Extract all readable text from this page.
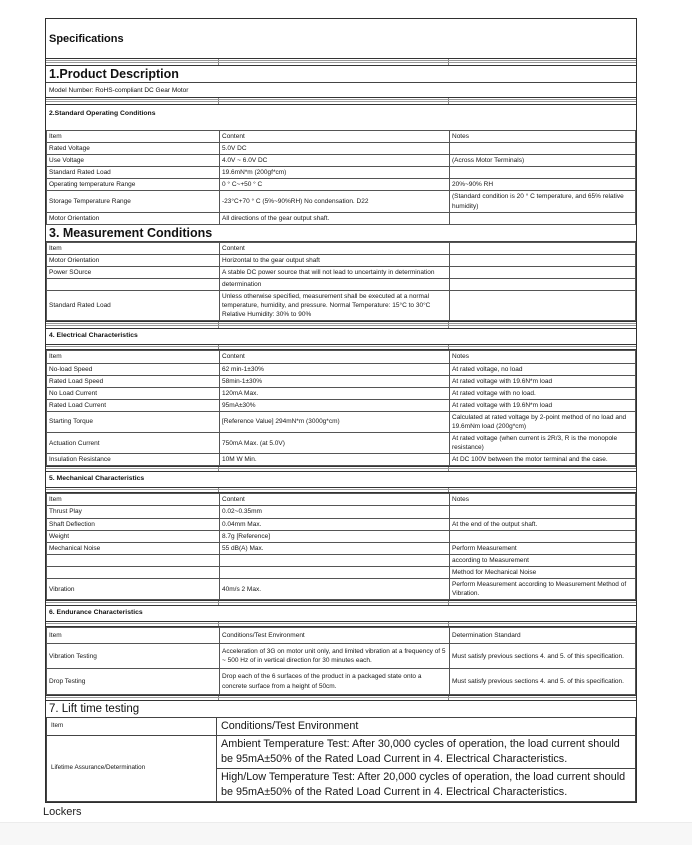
Specifications
1.Product Description
Model Number: RoHS-compliant DC Gear Motor
2.Standard Operating Conditions
Item	Content	Notes
Rated Voltage	5.0V DC	
Use Voltage	4.0V ~ 6.0V DC	(Across Motor Terminals)
Standard Rated Load	19.6mN*m (200gf*cm)	
Operating temperature Range	0 ° C~+50 ° C	20%~90% RH
Storage Temperature Range	-23°C+70 ° C (5%~90%RH) No condensation. D22	(Standard condition is 20 ° C temperature, and 65% relative humidity)
Motor Orientation	All directions of the gear output shaft.	
3. Measurement Conditions
Item	Content	
Motor Orientation	Horizontal to the gear output shaft	
Power SOurce	A stable DC power source that will not lead to uncertainty in determination	
	determination	
Standard Rated Load	Unless otherwise specified, measurement shall be executed at a normal temperature, humidity, and pressure. Normal Temperature: 15°C to 30°C Relative Humidity: 30% to 90%	
4. Electrical Characteristics
Item	Content	Notes
No-load Speed	62 min-1±30%	At rated voltage, no load
Rated Load Speed	58min-1±30%	At rated voltage with 19.6N*m load
No Load Current	120mA Max.	At rated voltage with no load.
Rated Load Current	95mA±30%	At rated voltage with 19.6N*m load
Starting Torque	[Reference Value] 294mN*m (3000g*cm)	Calculated at rated voltage by 2-point method of no load and 19.6mNm load (200g*cm)
Actuation Current	750mA Max. (at 5.0V)	At rated voltage (when current is 2R/3, R is the monopole resistance)
Insulation Resistance	10M W Min.	At DC 100V between the motor terminal and the case.
5. Mechanical Characteristics
Item	Content	Notes
Thrust Play	0.02~0.35mm	
Shaft Deflection	0.04mm Max.	At the end of the output shaft.
Weight	8.7g [Reference]	
Mechanical Noise	55 dB(A) Max.	Perform Measurement
		according to Measurement
		Method for Mechanical Noise
Vibration	40m/s 2 Max.	Perform Measurement according to Measurement Method of Vibration.
6. Endurance Characteristics
Item	Conditions/Test Environment	Determination Standard
Vibration Testing	Acceleration of 3G on motor unit only, and limited vibration at a frequency of 5 ~ 500 Hz of in vertical direction for 30 minutes each.	Must satisfy previous sections 4. and 5. of this specification.
Drop Testing	Drop each of the 6 surfaces of the product in a packaged state onto a concrete surface from a height of 50cm.	Must satisfy previous sections 4. and 5. of this specification.
7. Lift time testing
Item	Conditions/Test Environment
Lifetime Assurance/Determination	Ambient Temperature Test: After 30,000 cycles of operation, the load current should be 95mA±50% of the Rated Load Current in 4. Electrical Characteristics.
	High/Low Temperature Test: After 20,000 cycles of operation, the load current should be 95mA±50% of the Rated Load Current in 4. Electrical Characteristics.
Lockers
